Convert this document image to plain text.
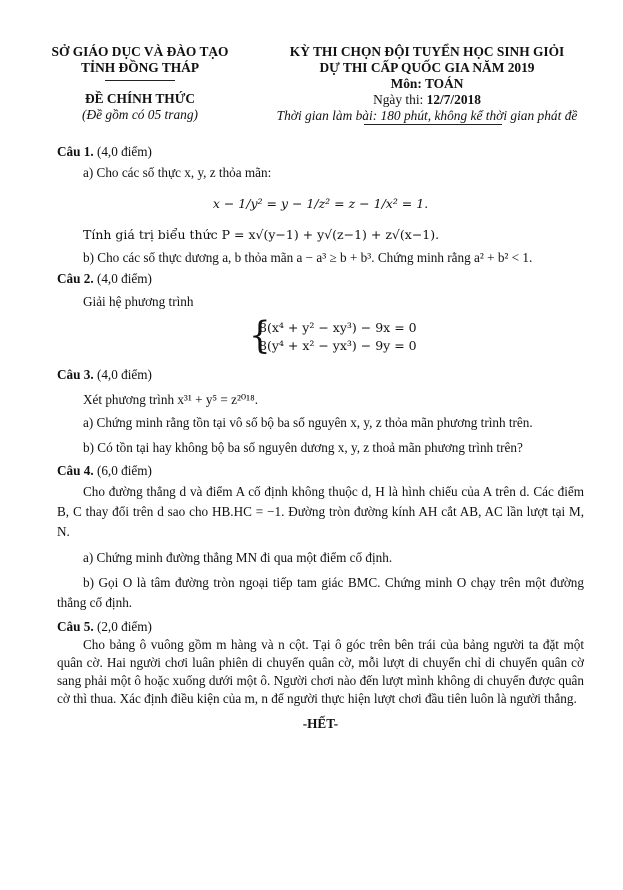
SỞ GIÁO DỤC VÀ ĐÀO TẠO
TỈNH ĐỒNG THÁP
ĐỀ CHÍNH THỨC
(Đề gồm có 05 trang)
KỲ THI CHỌN ĐỘI TUYỂN HỌC SINH GIỎI
DỰ THI CẤP QUỐC GIA NĂM 2019
Môn: TOÁN
Ngày thi: 12/7/2018
Thời gian làm bài: 180 phút, không kể thời gian phát đề

Câu 1. (4,0 điểm)

a) Cho các số thực x, y, z thỏa mãn:

x − 1/y² = y − 1/z² = z − 1/x² = 1.

Tính giá trị biểu thức P = x√(y−1) + y√(z−1) + z√(x−1).

b) Cho các số thực dương a, b thỏa mãn a − a³ ≥ b + b³. Chứng minh rằng a² + b² < 1.

Câu 2. (4,0 điểm)

Giải hệ phương trình

{
8(x⁴ + y² − xy³) − 9x = 0
8(y⁴ + x² − yx³) − 9y = 0

Câu 3. (4,0 điểm)

Xét phương trình x³¹ + y⁵ = z²⁰¹⁸.

a) Chứng minh rằng tồn tại vô số bộ ba số nguyên x, y, z thỏa mãn phương trình trên.

b) Có tồn tại hay không bộ ba số nguyên dương x, y, z thoả mãn phương trình trên?

Câu 4. (6,0 điểm)

Cho đường thẳng d và điểm A cố định không thuộc d, H là hình chiếu của A trên d. Các điểm B, C thay đổi trên d sao cho HB.HC = −1. Đường tròn đường kính AH cắt AB, AC lần lượt tại M, N.

a) Chứng minh đường thẳng MN đi qua một điểm cố định.

b) Gọi O là tâm đường tròn ngoại tiếp tam giác BMC. Chứng minh O chạy trên một đường thẳng cố định.

Câu 5. (2,0 điểm)

Cho bảng ô vuông gồm m hàng và n cột. Tại ô góc trên bên trái của bảng người ta đặt một quân cờ. Hai người chơi luân phiên di chuyển quân cờ, mỗi lượt di chuyển chỉ di chuyển quân cờ sang phải một ô hoặc xuống dưới một ô. Người chơi nào đến lượt mình không di chuyển được quân cờ thì thua. Xác định điều kiện của m, n để người thực hiện lượt chơi đầu tiên luôn là người thắng.

-HẾT-
